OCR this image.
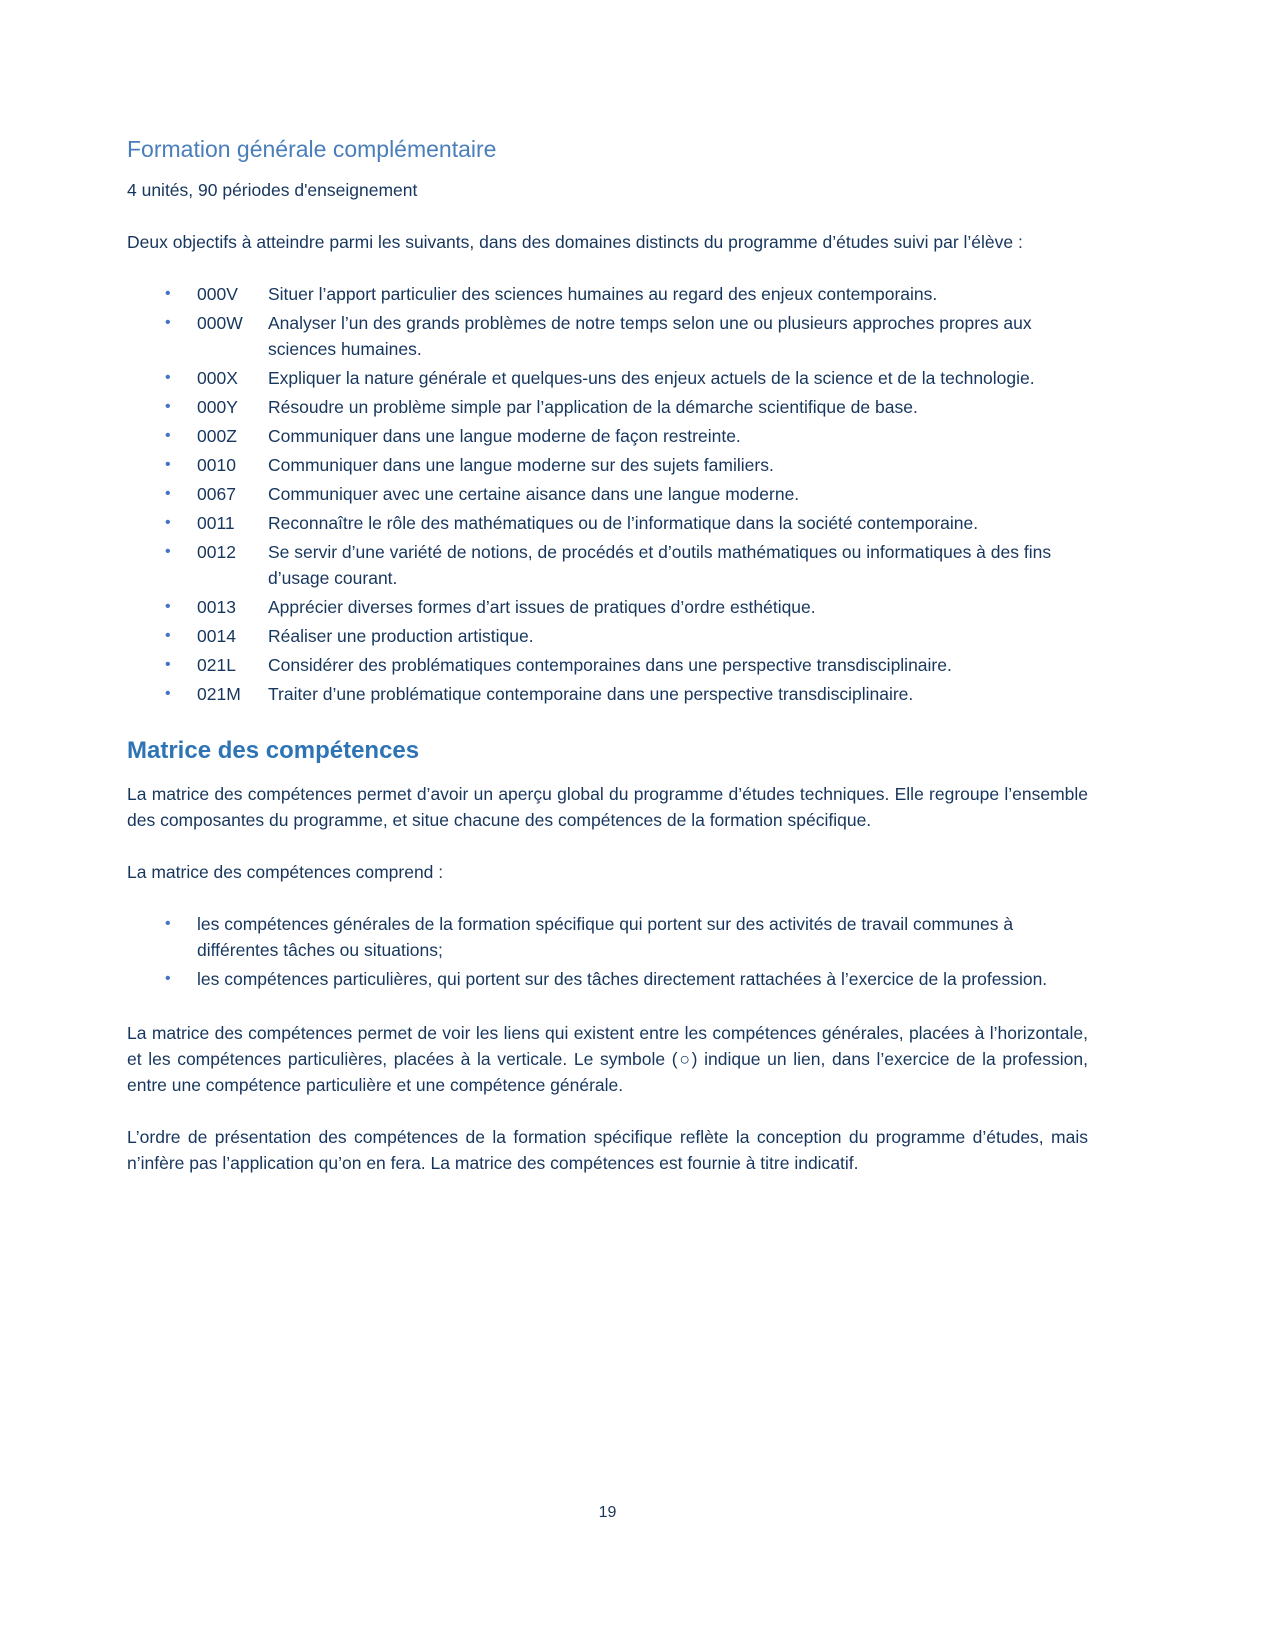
Formation générale complémentaire
4 unités, 90 périodes d'enseignement

Deux objectifs à atteindre parmi les suivants, dans des domaines distincts du programme d’études suivi par l’élève :

•	000V	Situer l’apport particulier des sciences humaines au regard des enjeux contemporains.
•	000W	Analyser l’un des grands problèmes de notre temps selon une ou plusieurs approches propres aux sciences humaines.
•	000X	Expliquer la nature générale et quelques-uns des enjeux actuels de la science et de la technologie.
•	000Y	Résoudre un problème simple par l’application de la démarche scientifique de base.
•	000Z	Communiquer dans une langue moderne de façon restreinte.
•	0010	Communiquer dans une langue moderne sur des sujets familiers.
•	0067	Communiquer avec une certaine aisance dans une langue moderne.
•	0011	Reconnaître le rôle des mathématiques ou de l’informatique dans la société contemporaine.
•	0012	Se servir d’une variété de notions, de procédés et d’outils mathématiques ou informatiques à des fins d’usage courant.
•	0013	Apprécier diverses formes d’art issues de pratiques d’ordre esthétique.
•	0014	Réaliser une production artistique.
•	021L	Considérer des problématiques contemporaines dans une perspective transdisciplinaire.
•	021M	Traiter d’une problématique contemporaine dans une perspective transdisciplinaire.
Matrice des compétences

La matrice des compétences permet d’avoir un aperçu global du programme d’études techniques. Elle regroupe l’ensemble des composantes du programme, et situe chacune des compétences de la formation spécifique.

La matrice des compétences comprend :

•	les compétences générales de la formation spécifique qui portent sur des activités de travail communes à différentes tâches ou situations;
•	les compétences particulières, qui portent sur des tâches directement rattachées à l’exercice de la profession.

La matrice des compétences permet de voir les liens qui existent entre les compétences générales, placées à l’horizontale, et les compétences particulières, placées à la verticale. Le symbole (○) indique un lien, dans l’exercice de la profession, entre une compétence particulière et une compétence générale.

L’ordre de présentation des compétences de la formation spécifique reflète la conception du programme d’études, mais n’infère pas l’application qu’on en fera. La matrice des compétences est fournie à titre indicatif.

19
